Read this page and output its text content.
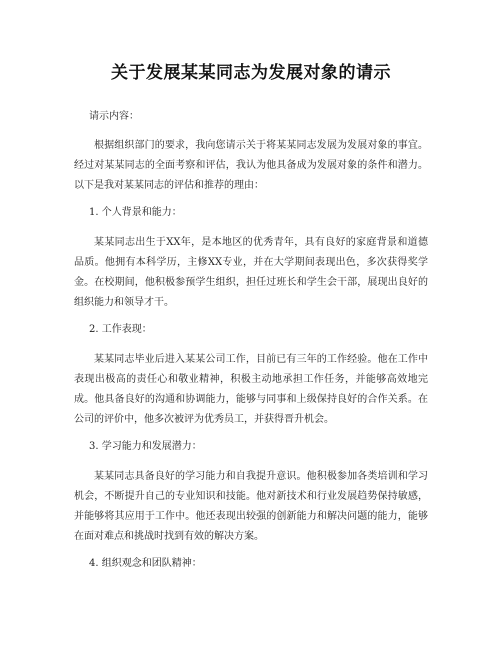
关于发展某某同志为发展对象的请示
请示内容：

根据组织部门的要求，我向您请示关于将某某同志发展为发展对象的事宜。经过对某某同志的全面考察和评估，我认为他具备成为发展对象的条件和潜力。以下是我对某某同志的评估和推荐的理由：

1. 个人背景和能力：

某某同志出生于XX年，是本地区的优秀青年，具有良好的家庭背景和道德品质。他拥有本科学历，主修XX专业，并在大学期间表现出色，多次获得奖学金。在校期间，他积极参预学生组织，担任过班长和学生会干部，展现出良好的组织能力和领导才干。

2. 工作表现：

某某同志毕业后进入某某公司工作，目前已有三年的工作经验。他在工作中表现出极高的责任心和敬业精神，积极主动地承担工作任务，并能够高效地完成。他具备良好的沟通和协调能力，能够与同事和上级保持良好的合作关系。在公司的评价中，他多次被评为优秀员工，并获得晋升机会。

3. 学习能力和发展潜力：

某某同志具备良好的学习能力和自我提升意识。他积极参加各类培训和学习机会，不断提升自己的专业知识和技能。他对新技术和行业发展趋势保持敏感，并能够将其应用于工作中。他还表现出较强的创新能力和解决问题的能力，能够在面对难点和挑战时找到有效的解决方案。

4. 组织观念和团队精神：
